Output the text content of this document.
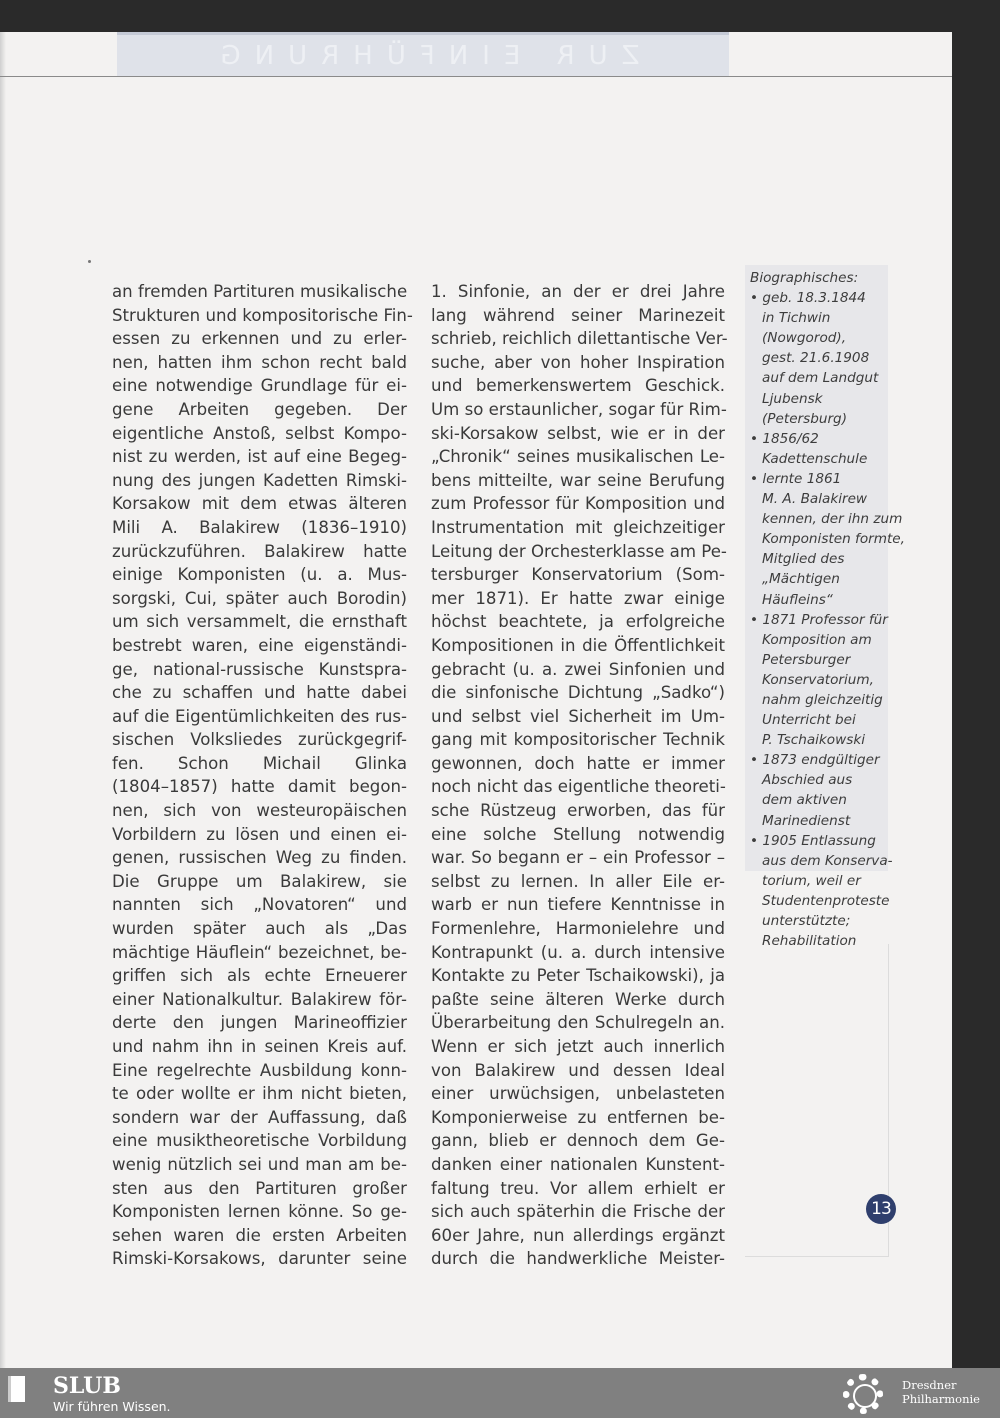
ZUR EINFÜHRUNG
an fremden Partituren musikalische
Strukturen und kompositorische Fin-
essen zu erkennen und zu erler-
nen, hatten ihm schon recht bald
eine notwendige Grundlage für ei-
gene Arbeiten gegeben. Der
eigentliche Anstoß, selbst Kompo-
nist zu werden, ist auf eine Begeg-
nung des jungen Kadetten Rimski-
Korsakow mit dem etwas älteren
Mili A. Balakirew (1836–1910)
zurückzuführen. Balakirew hatte
einige Komponisten (u. a. Mus-
sorgski, Cui, später auch Borodin)
um sich versammelt, die ernsthaft
bestrebt waren, eine eigenständi-
ge, national-russische Kunstspra-
che zu schaffen und hatte dabei
auf die Eigentümlichkeiten des rus-
sischen Volksliedes zurückgegrif-
fen. Schon Michail Glinka
(1804–1857) hatte damit begon-
nen, sich von westeuropäischen
Vorbildern zu lösen und einen ei-
genen, russischen Weg zu finden.
Die Gruppe um Balakirew, sie
nannten sich „Novatoren“ und
wurden später auch als „Das
mächtige Häuflein“ bezeichnet, be-
griffen sich als echte Erneuerer
einer Nationalkultur. Balakirew för-
derte den jungen Marineoffizier
und nahm ihn in seinen Kreis auf.
Eine regelrechte Ausbildung konn-
te oder wollte er ihm nicht bieten,
sondern war der Auffassung, daß
eine musiktheoretische Vorbildung
wenig nützlich sei und man am be-
sten aus den Partituren großer
Komponisten lernen könne. So ge-
sehen waren die ersten Arbeiten
Rimski-Korsakows, darunter seine
1. Sinfonie, an der er drei Jahre
lang während seiner Marinezeit
schrieb, reichlich dilettantische Ver-
suche, aber von hoher Inspiration
und bemerkenswertem Geschick.
Um so erstaunlicher, sogar für Rim-
ski-Korsakow selbst, wie er in der
„Chronik“ seines musikalischen Le-
bens mitteilte, war seine Berufung
zum Professor für Komposition und
Instrumentation mit gleichzeitiger
Leitung der Orchesterklasse am Pe-
tersburger Konservatorium (Som-
mer 1871). Er hatte zwar einige
höchst beachtete, ja erfolgreiche
Kompositionen in die Öffentlichkeit
gebracht (u. a. zwei Sinfonien und
die sinfonische Dichtung „Sadko“)
und selbst viel Sicherheit im Um-
gang mit kompositorischer Technik
gewonnen, doch hatte er immer
noch nicht das eigentliche theoreti-
sche Rüstzeug erworben, das für
eine solche Stellung notwendig
war. So begann er – ein Professor –
selbst zu lernen. In aller Eile er-
warb er nun tiefere Kenntnisse in
Formenlehre, Harmonielehre und
Kontrapunkt (u. a. durch intensive
Kontakte zu Peter Tschaikowski), ja
paßte seine älteren Werke durch
Überarbeitung den Schulregeln an.
Wenn er sich jetzt auch innerlich
von Balakirew und dessen Ideal
einer urwüchsigen, unbelasteten
Komponierweise zu entfernen be-
gann, blieb er dennoch dem Ge-
danken einer nationalen Kunstent-
faltung treu. Vor allem erhielt er
sich auch späterhin die Frische der
60er Jahre, nun allerdings ergänzt
durch die handwerkliche Meister-
Biographisches:
• geb. 18.3.1844
in Tichwin
(Nowgorod),
gest. 21.6.1908
auf dem Landgut
Ljubensk
(Petersburg)
• 1856/62
Kadettenschule
• lernte 1861
M. A. Balakirew
kennen, der ihn zum
Komponisten formte,
Mitglied des
„Mächtigen
Häufleins“
• 1871 Professor für
Komposition am
Petersburger
Konservatorium,
nahm gleichzeitig
Unterricht bei
P. Tschaikowski
• 1873 endgültiger
Abschied aus
dem aktiven
Marinedienst
• 1905 Entlassung
aus dem Konserva-
torium, weil er
Studentenproteste
unterstützte;
Rehabilitation
13
SLUB
Wir führen Wissen.
Dresdner
Philharmonie
